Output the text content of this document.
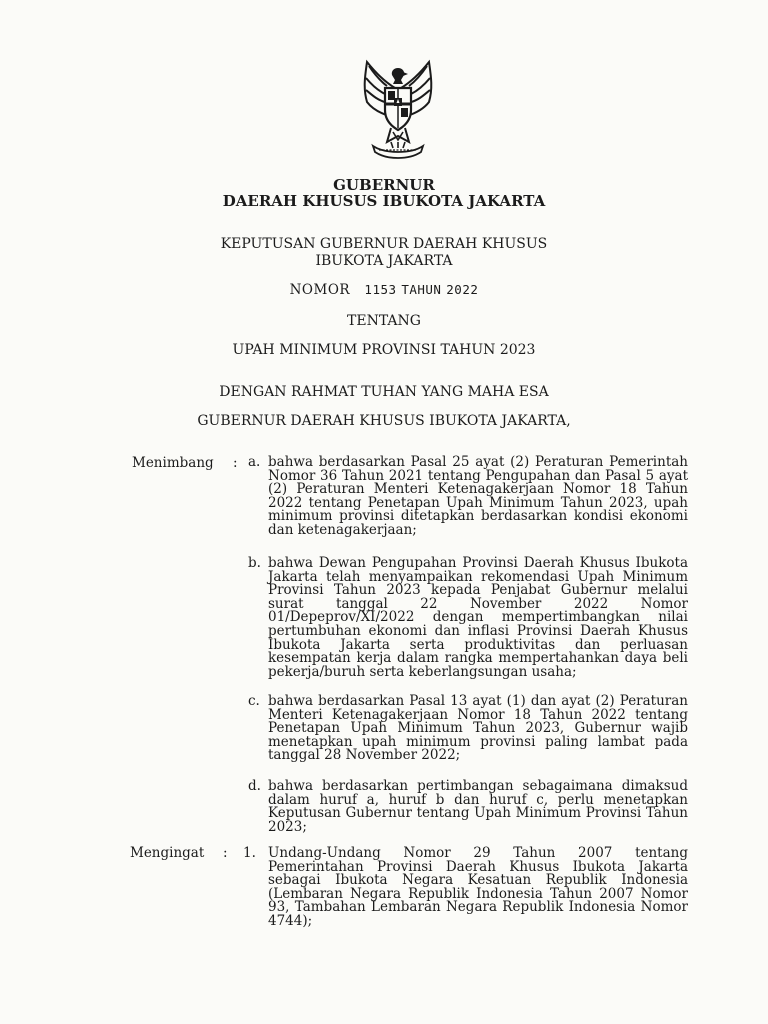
GUBERNUR
DAERAH KHUSUS IBUKOTA JAKARTA
KEPUTUSAN GUBERNUR DAERAH KHUSUS
IBUKOTA JAKARTA
NOMOR 1153 TAHUN 2022
TENTANG
UPAH MINIMUM PROVINSI TAHUN 2023
DENGAN RAHMAT TUHAN YANG MAHA ESA
GUBERNUR DAERAH KHUSUS IBUKOTA JAKARTA,
Menimbang : a. bahwa berdasarkan Pasal 25 ayat (2) Peraturan Pemerintah Nomor 36 Tahun 2021 tentang Pengupahan dan Pasal 5 ayat (2) Peraturan Menteri Ketenagakerjaan Nomor 18 Tahun 2022 tentang Penetapan Upah Minimum Tahun 2023, upah minimum provinsi ditetapkan berdasarkan kondisi ekonomi dan ketenagakerjaan;
b. bahwa Dewan Pengupahan Provinsi Daerah Khusus Ibukota Jakarta telah menyampaikan rekomendasi Upah Minimum Provinsi Tahun 2023 kepada Penjabat Gubernur melalui surat tanggal 22 November 2022 Nomor 01/Depeprov/XI/2022 dengan mempertimbangkan nilai pertumbuhan ekonomi dan inflasi Provinsi Daerah Khusus Ibukota Jakarta serta produktivitas dan perluasan kesempatan kerja dalam rangka mempertahankan daya beli pekerja/buruh serta keberlangsungan usaha;
c. bahwa berdasarkan Pasal 13 ayat (1) dan ayat (2) Peraturan Menteri Ketenagakerjaan Nomor 18 Tahun 2022 tentang Penetapan Upah Minimum Tahun 2023, Gubernur wajib menetapkan upah minimum provinsi paling lambat pada tanggal 28 November 2022;
d. bahwa berdasarkan pertimbangan sebagaimana dimaksud dalam huruf a, huruf b dan huruf c, perlu menetapkan Keputusan Gubernur tentang Upah Minimum Provinsi Tahun 2023;
Mengingat : 1. Undang-Undang Nomor 29 Tahun 2007 tentang Pemerintahan Provinsi Daerah Khusus Ibukota Jakarta sebagai Ibukota Negara Kesatuan Republik Indonesia (Lembaran Negara Republik Indonesia Tahun 2007 Nomor 93, Tambahan Lembaran Negara Republik Indonesia Nomor 4744);
